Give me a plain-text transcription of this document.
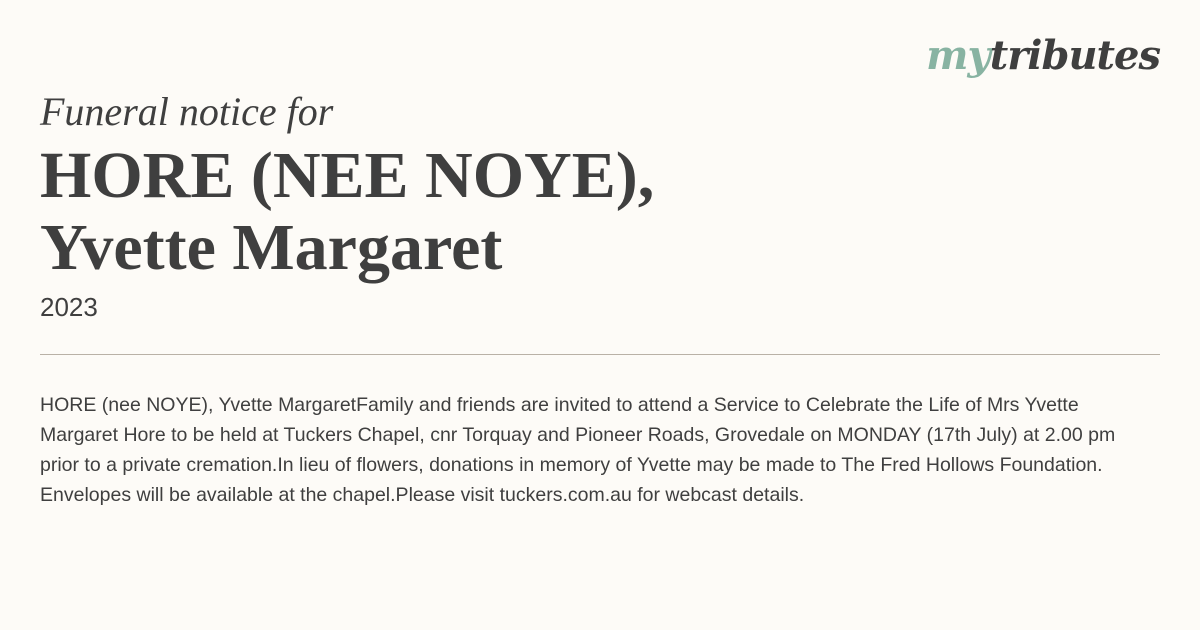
mytributes
Funeral notice for
HORE (NEE NOYE),
Yvette Margaret
2023

HORE (nee NOYE), Yvette MargaretFamily and friends are invited to attend a Service to Celebrate the Life of Mrs Yvette Margaret Hore to be held at Tuckers Chapel, cnr Torquay and Pioneer Roads, Grovedale on MONDAY (17th July) at 2.00 pm prior to a private cremation.In lieu of flowers, donations in memory of Yvette may be made to The Fred Hollows Foundation.  Envelopes will be available at the chapel.Please visit tuckers.com.au for webcast details.
